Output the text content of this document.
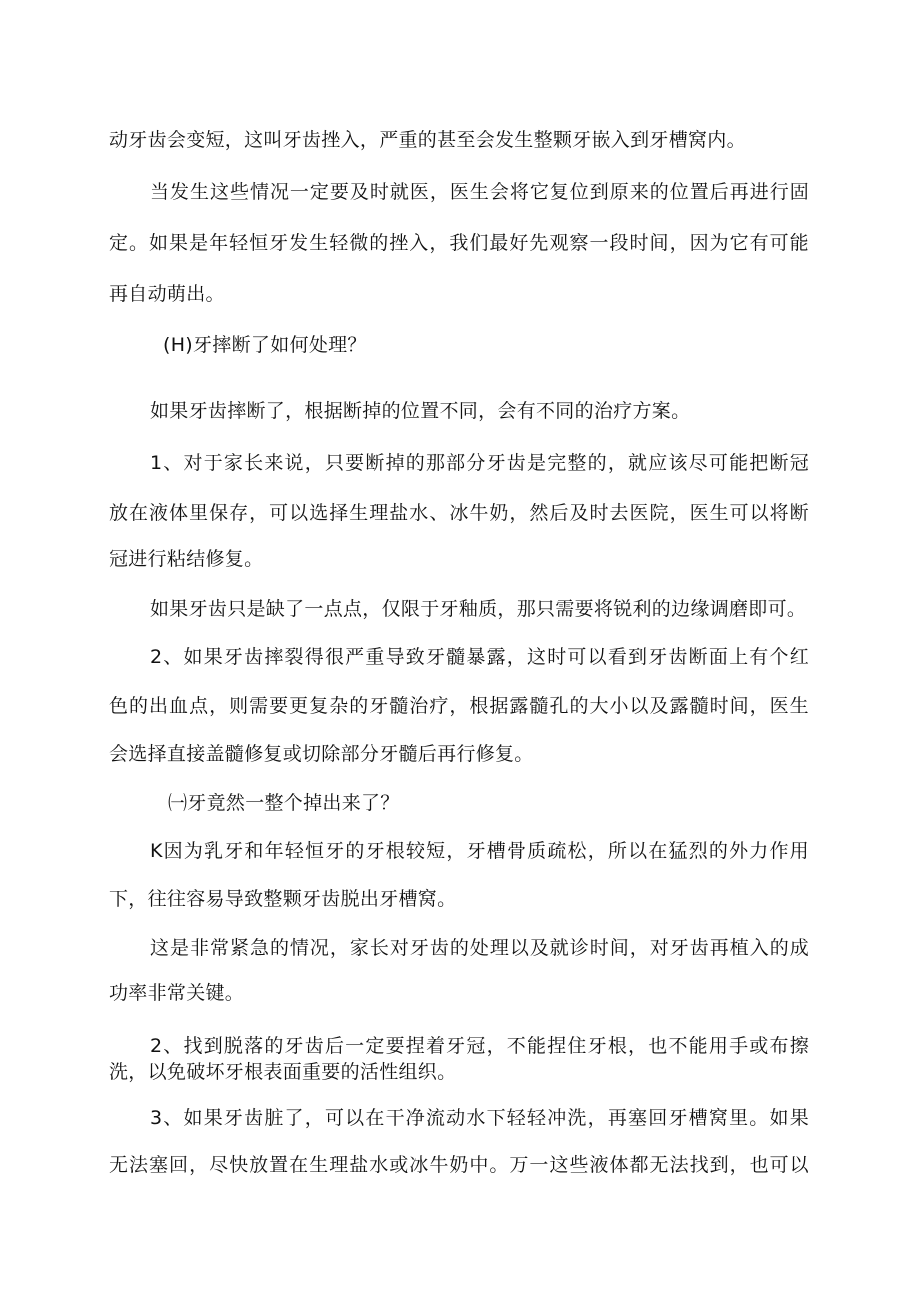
动牙齿会变短，这叫牙齿挫入，严重的甚至会发生整颗牙嵌入到牙槽窝内。

当发生这些情况一定要及时就医，医生会将它复位到原来的位置后再进行固

定。如果是年轻恒牙发生轻微的挫入，我们最好先观察一段时间，因为它有可能

再自动萌出。

(H)牙摔断了如何处理？

如果牙齿摔断了，根据断掉的位置不同，会有不同的治疗方案。

1、对于家长来说，只要断掉的那部分牙齿是完整的，就应该尽可能把断冠

放在液体里保存，可以选择生理盐水、冰牛奶，然后及时去医院，医生可以将断

冠进行粘结修复。

如果牙齿只是缺了一点点，仅限于牙釉质，那只需要将锐利的边缘调磨即可。

2、如果牙齿摔裂得很严重导致牙髓暴露，这时可以看到牙齿断面上有个红

色的出血点，则需要更复杂的牙髓治疗，根据露髓孔的大小以及露髓时间，医生

会选择直接盖髓修复或切除部分牙髓后再行修复。

㈠牙竟然一整个掉出来了？

K因为乳牙和年轻恒牙的牙根较短，牙槽骨质疏松，所以在猛烈的外力作用

下，往往容易导致整颗牙齿脱出牙槽窝。

这是非常紧急的情况，家长对牙齿的处理以及就诊时间，对牙齿再植入的成

功率非常关键。

2、找到脱落的牙齿后一定要捏着牙冠，不能捏住牙根，也不能用手或布擦

洗，以免破坏牙根表面重要的活性组织。

3、如果牙齿脏了，可以在干净流动水下轻轻冲洗，再塞回牙槽窝里。如果

无法塞回，尽快放置在生理盐水或冰牛奶中。万一这些液体都无法找到，也可以
